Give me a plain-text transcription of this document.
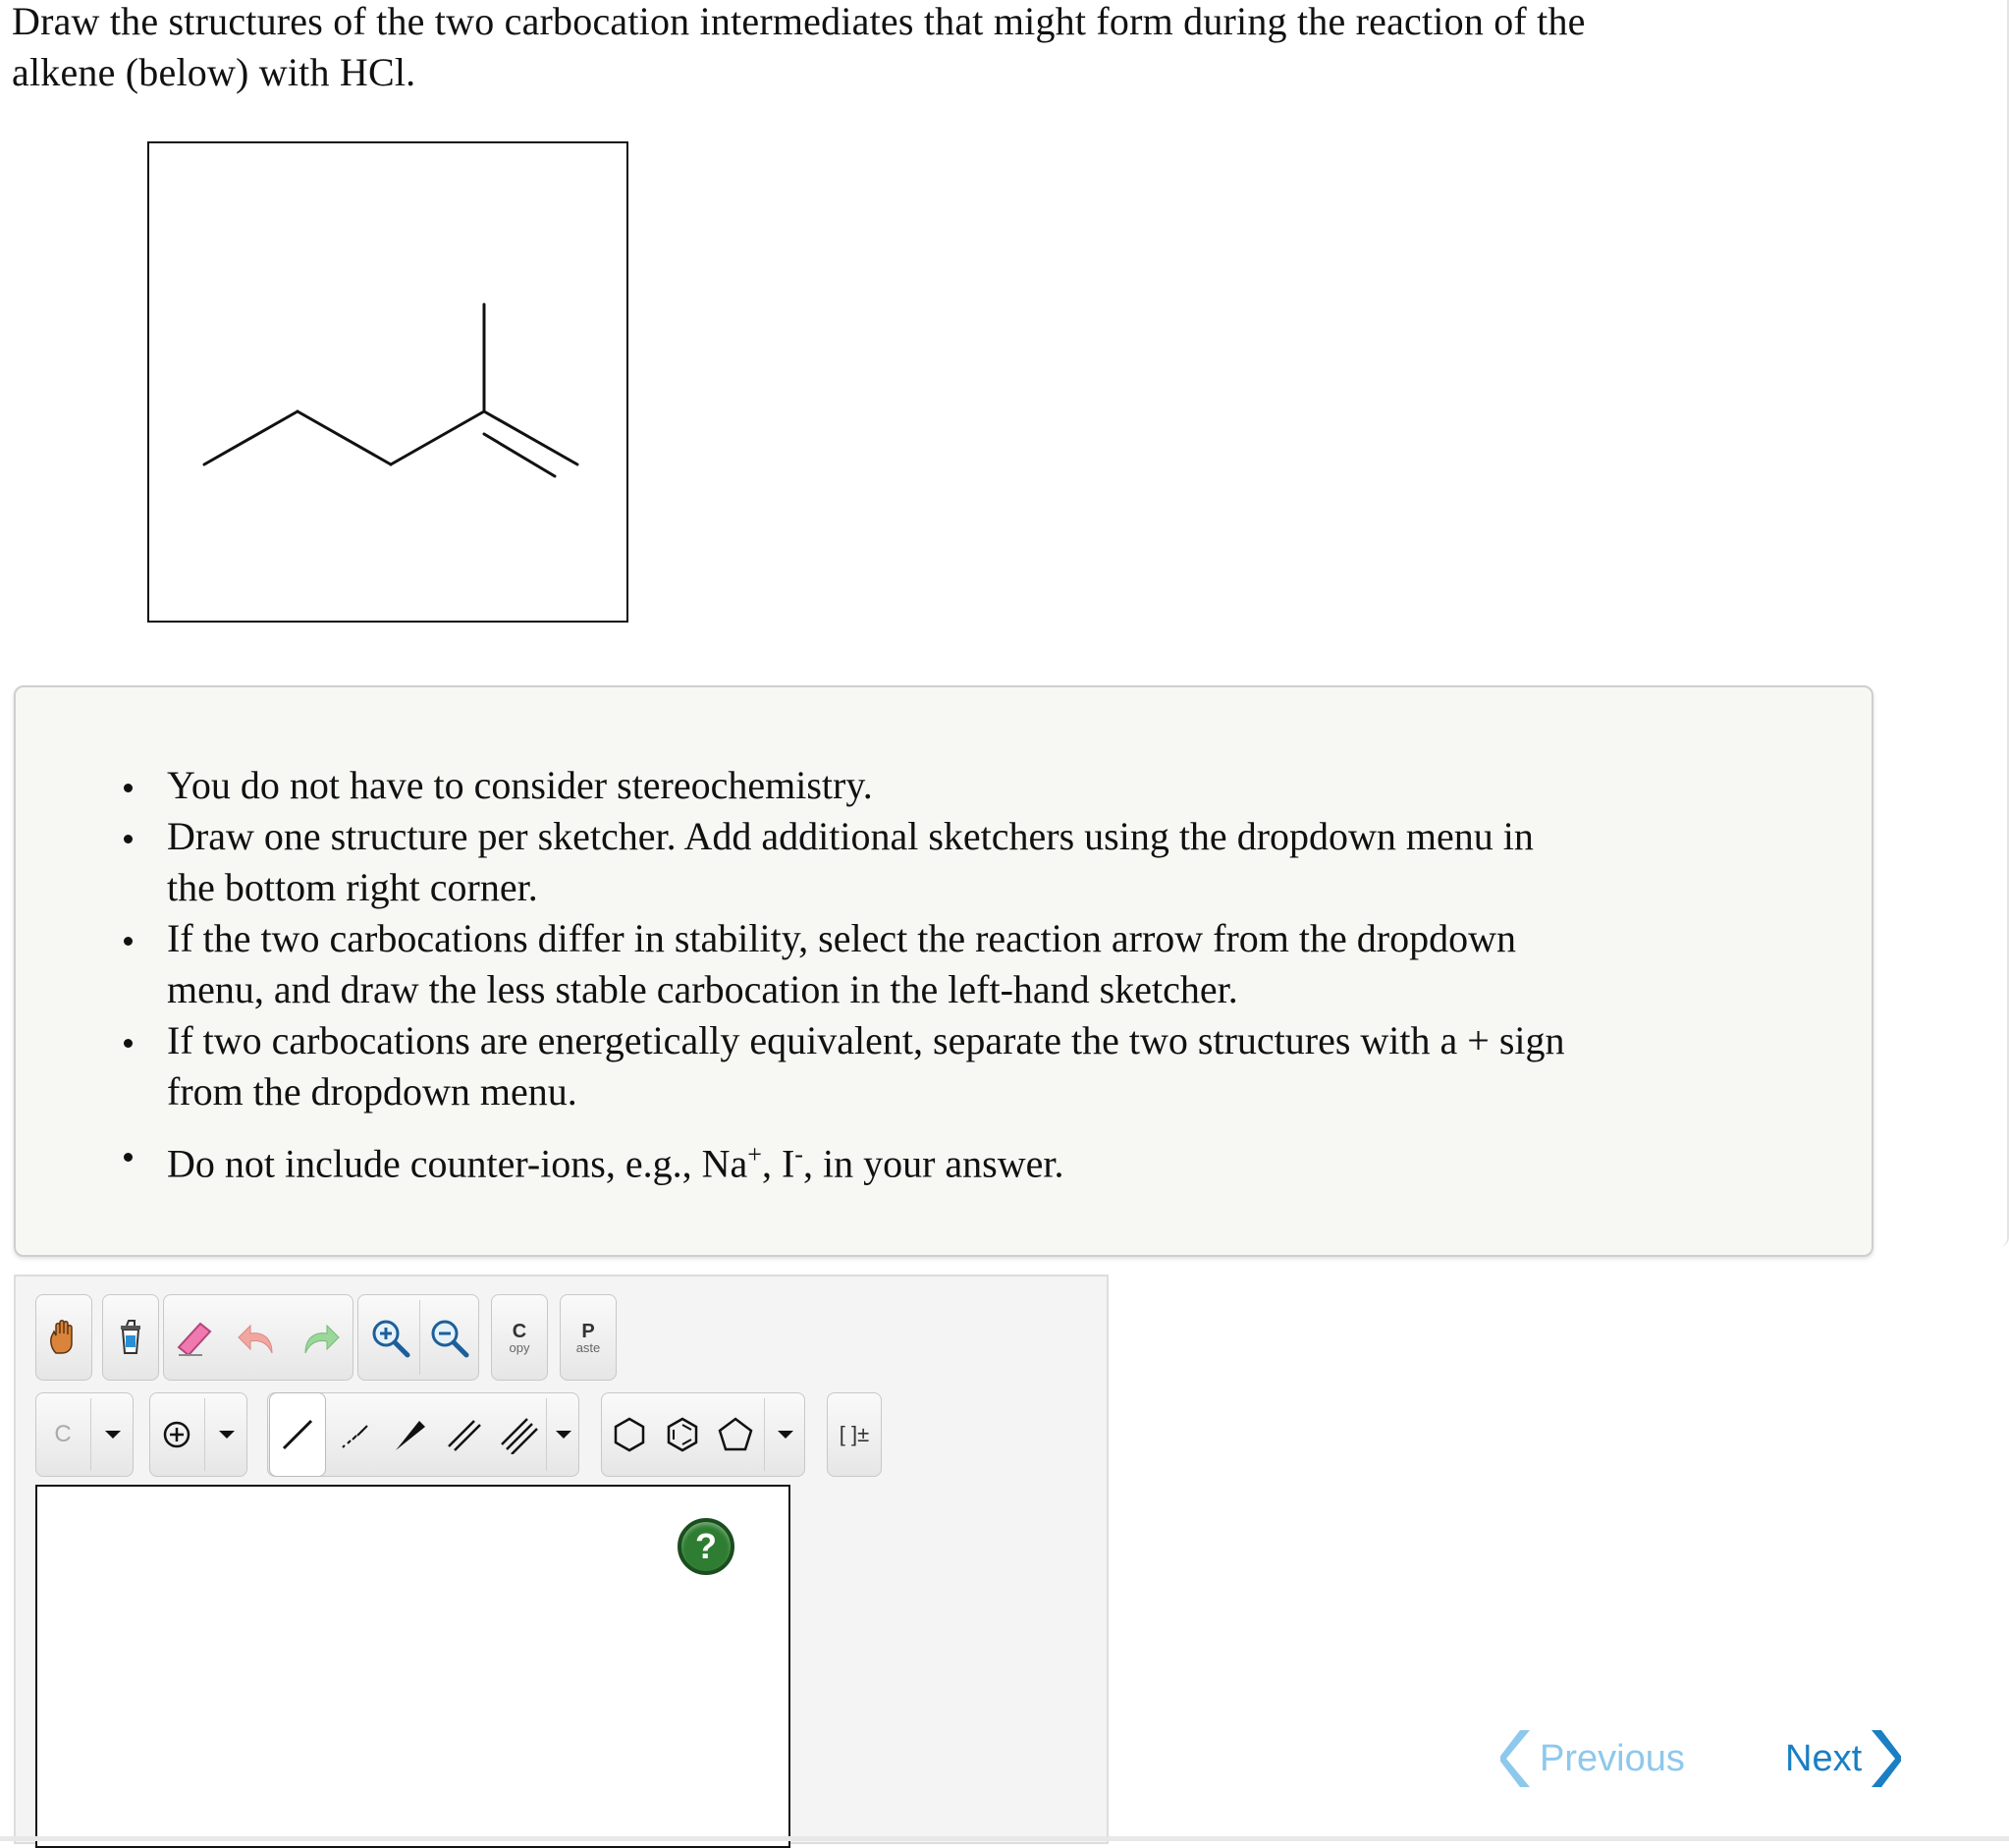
Draw the structures of the two carbocation intermediates that might form during the reaction of the
alkene (below) with HCl.
You do not have to consider stereochemistry.
Draw one structure per sketcher. Add additional sketchers using the dropdown menu in
the bottom right corner.
If the two carbocations differ in stability, select the reaction arrow from the dropdown
menu, and draw the less stable carbocation in the left-hand sketcher.
If two carbocations are energetically equivalent, separate the two structures with a + sign
from the dropdown menu.
Do not include counter-ions, e.g., Na+, I-, in your answer.
C
opy
P
aste
C	[ ]±
?
Previous	Next
